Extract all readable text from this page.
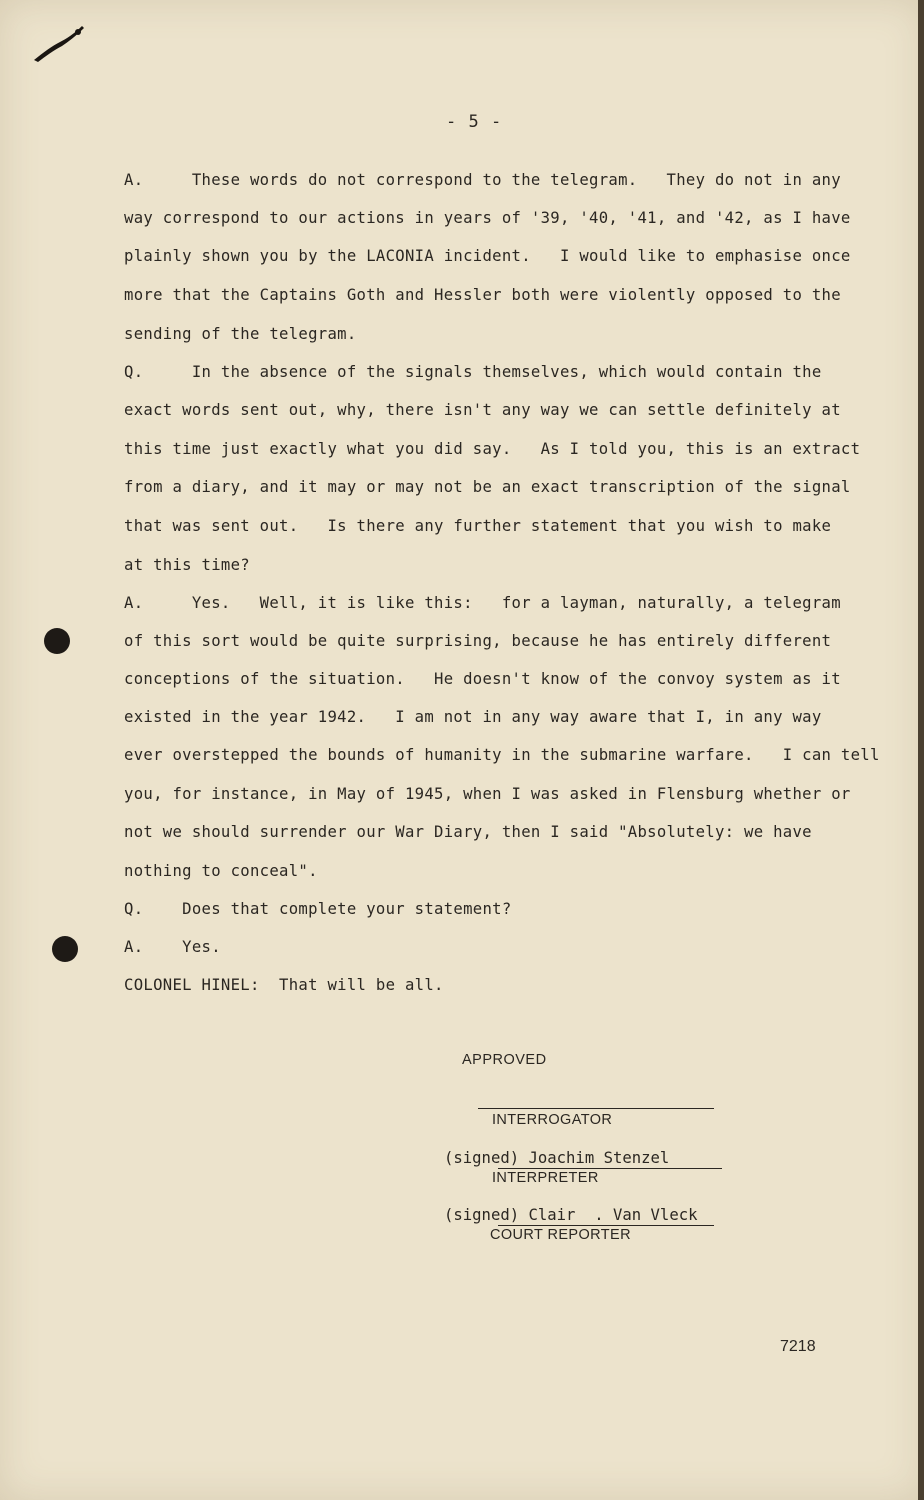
- 5 -
A.     These words do not correspond to the telegram.   They do not in any
way correspond to our actions in years of '39, '40, '41, and '42, as I have
plainly shown you by the LACONIA incident.   I would like to emphasise once
more that the Captains Goth and Hessler both were violently opposed to the
sending of the telegram.
Q.     In the absence of the signals themselves, which would contain the
exact words sent out, why, there isn't any way we can settle definitely at
this time just exactly what you did say.   As I told you, this is an extract
from a diary, and it may or may not be an exact transcription of the signal
that was sent out.   Is there any further statement that you wish to make
at this time?
A.     Yes.   Well, it is like this:   for a layman, naturally, a telegram
of this sort would be quite surprising, because he has entirely different
conceptions of the situation.   He doesn't know of the convoy system as it
existed in the year 1942.   I am not in any way aware that I, in any way
ever overstepped the bounds of humanity in the submarine warfare.   I can tell
you, for instance, in May of 1945, when I was asked in Flensburg whether or
not we should surrender our War Diary, then I said "Absolutely: we have
nothing to conceal".
Q.    Does that complete your statement?
A.    Yes.
COLONEL HINEL:  That will be all.
APPROVED
INTERROGATOR
(signed) Joachim Stenzel
INTERPRETER
(signed) Clair  . Van Vleck
COURT REPORTER
7218
